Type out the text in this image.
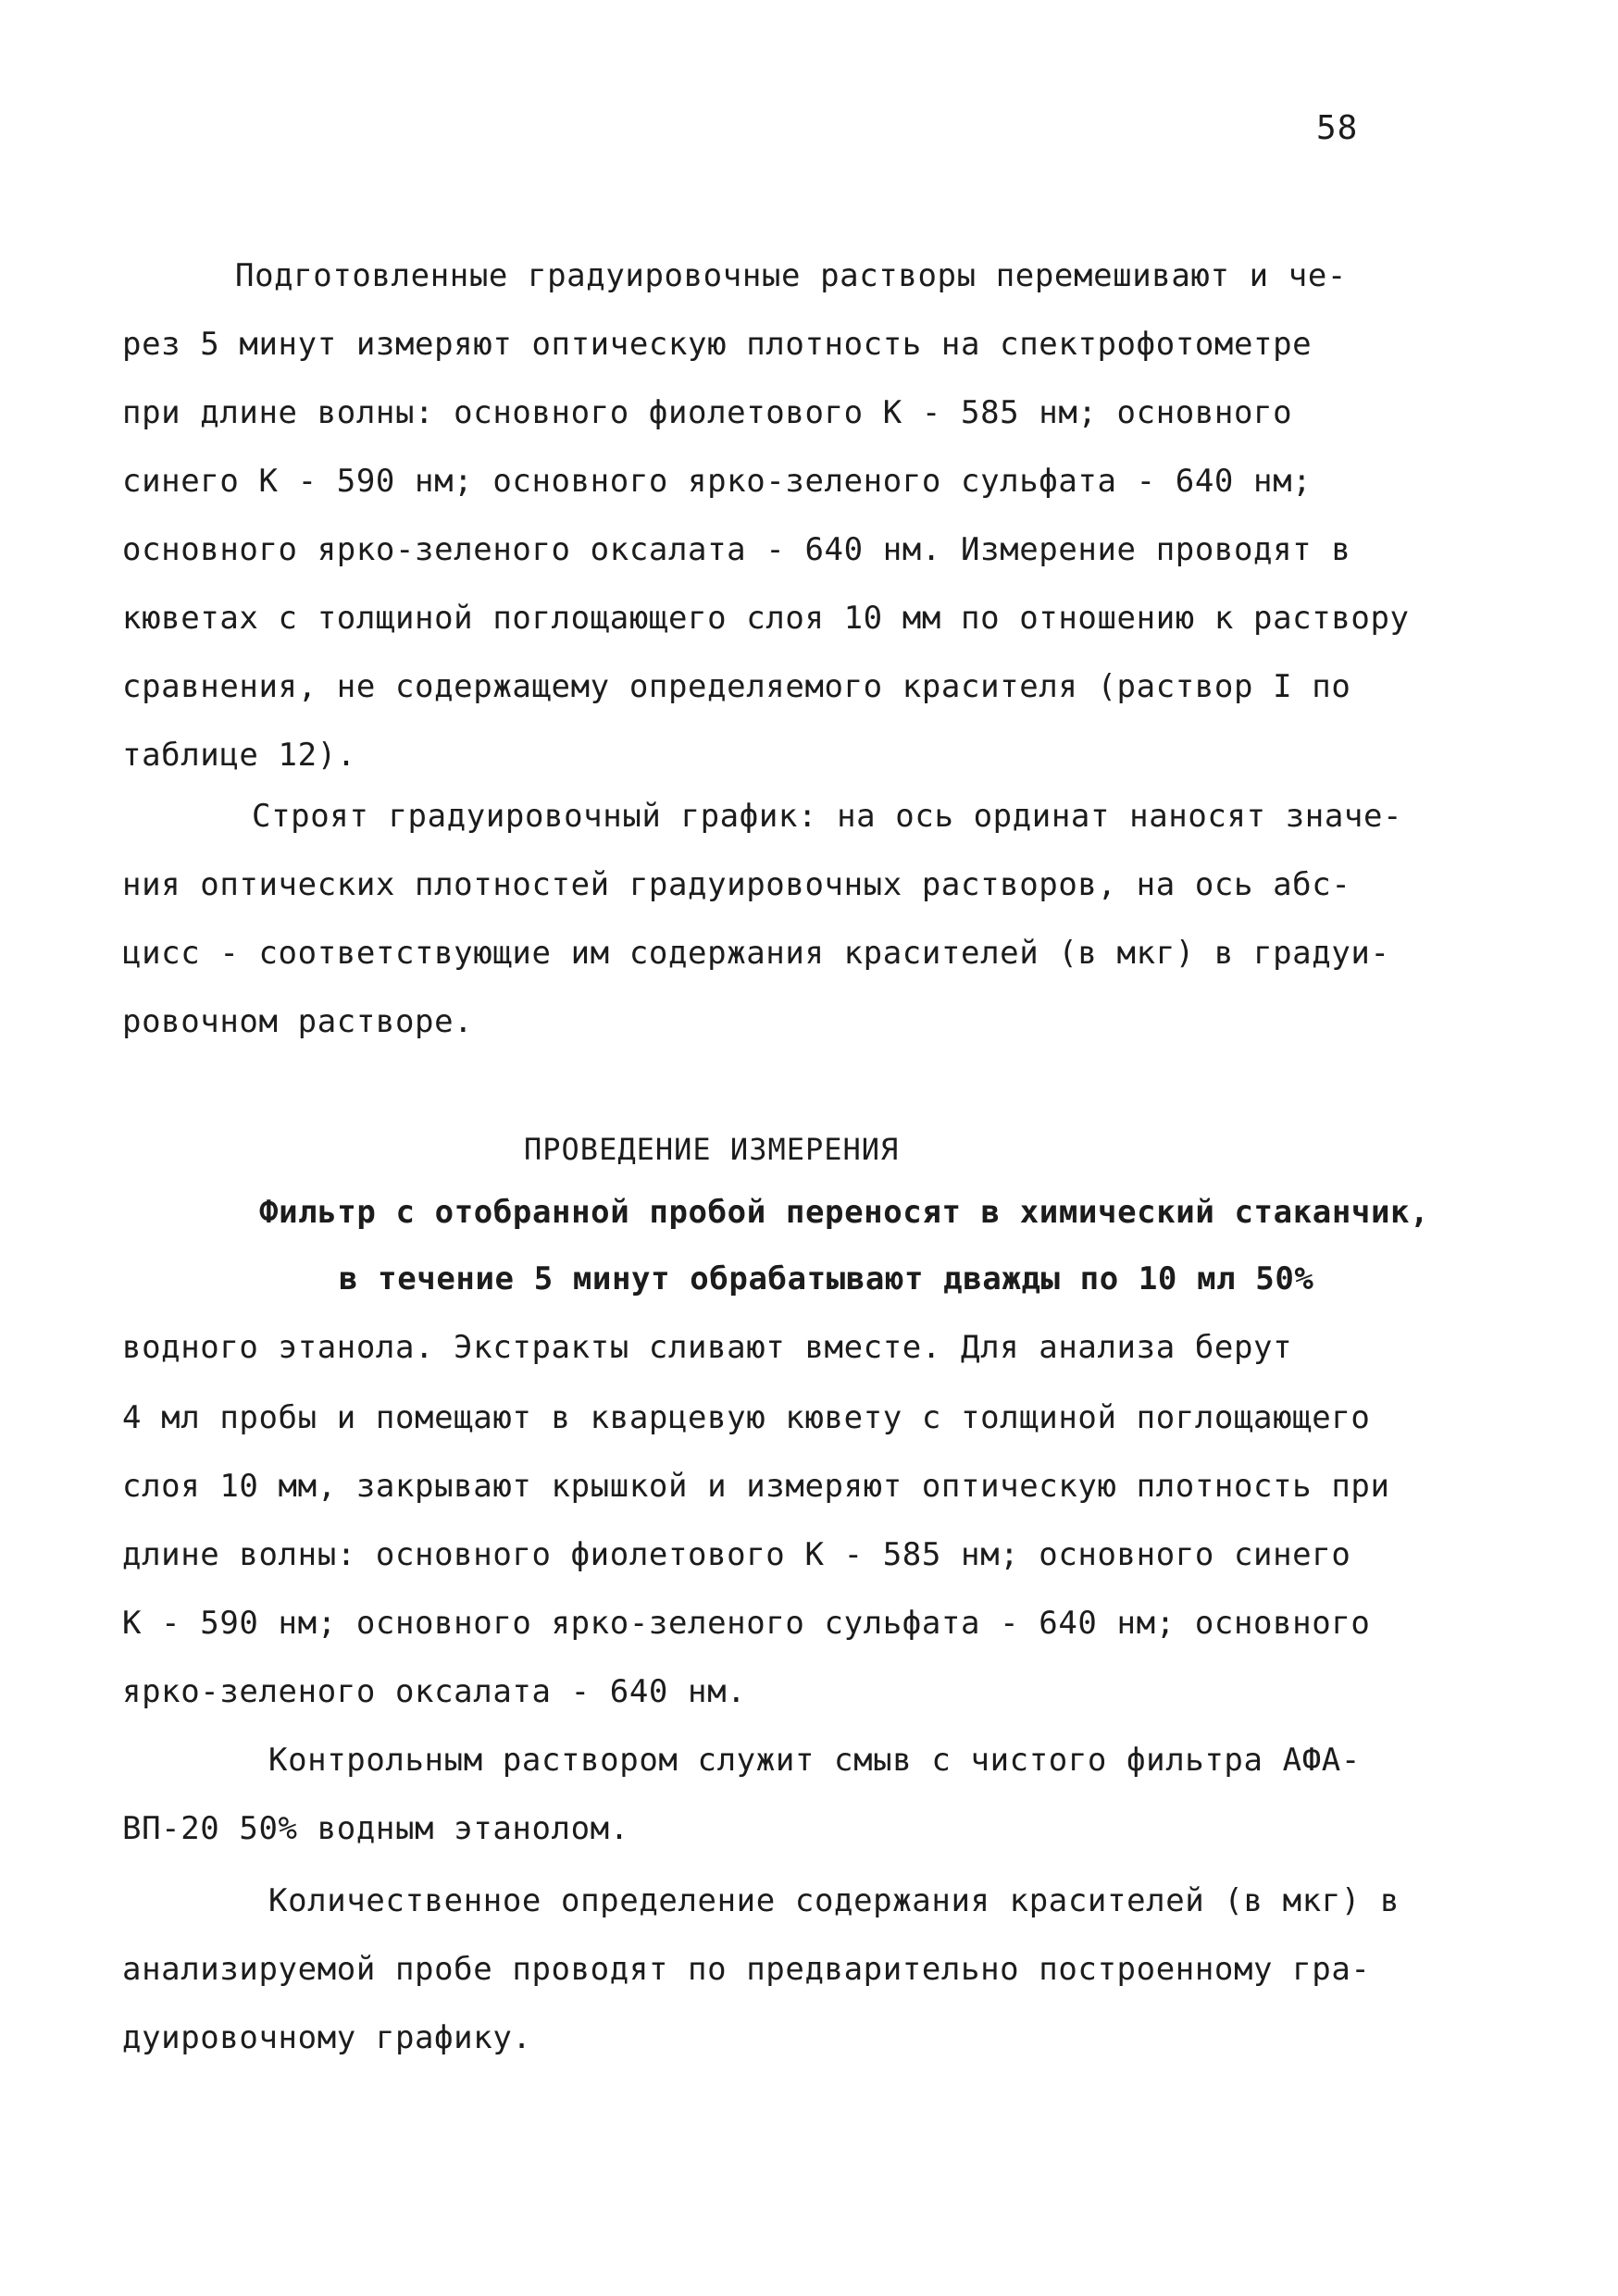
58
Подготовленные градуировочные растворы перемешивают и че-
рез 5 минут измеряют оптическую плотность на спектрофотометре
при длине волны: основного фиолетового К - 585 нм; основного
синего К - 590 нм; основного ярко-зеленого сульфата - 640 нм;
основного ярко-зеленого оксалата - 640 нм. Измерение проводят в
кюветах с толщиной поглощающего слоя 10 мм по отношению к раствору
сравнения, не содержащему определяемого красителя (раствор I по
таблице 12).
Строят градуировочный график: на ось ординат наносят значе-
ния оптических плотностей градуировочных растворов, на ось абс-
цисс - соответствующие им содержания красителей (в мкг) в градуи-
ровочном растворе.
ПРОВЕДЕНИЕ ИЗМЕРЕНИЯ
Фильтр с отобранной пробой переносят в химический стаканчик,
в течение 5 минут обрабатывают дважды по 10 мл 50%
водного этанола. Экстракты сливают вместе. Для анализа берут
4 мл пробы и помещают в кварцевую кювету с толщиной поглощающего
слоя 10 мм, закрывают крышкой и измеряют оптическую плотность при
длине волны: основного фиолетового К - 585 нм; основного синего
К - 590 нм; основного ярко-зеленого сульфата - 640 нм; основного
ярко-зеленого оксалата - 640 нм.
Контрольным раствором служит смыв с чистого фильтра АФА-
ВП-20 50% водным этанолом.
Количественное определение содержания красителей (в мкг) в
анализируемой пробе проводят по предварительно построенному гра-
дуировочному графику.
